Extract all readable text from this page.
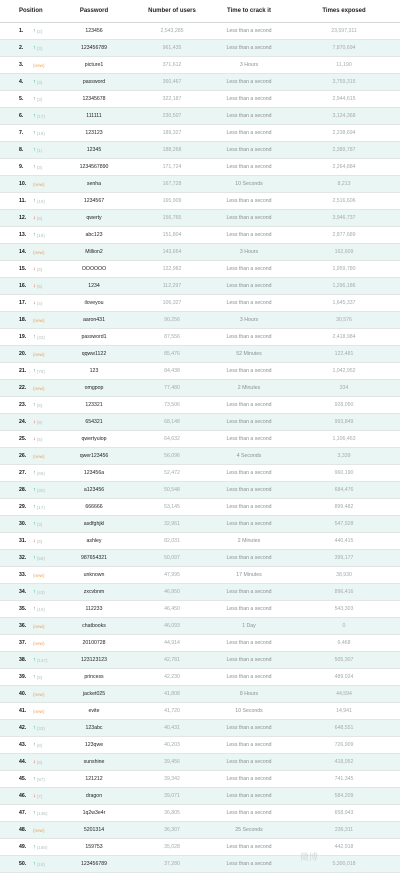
Position	Password	Number of users	Time to crack it	Times exposed
1.	↑ (2)	123456	2,543,285	Less than a second	23,597,311
2.	↑ (3)	123456789	961,435	Less than a second	7,870,694
3.	(new)	picture1	371,612	3 Hours	11,190
4.	↑ (3)	password	360,467	Less than a second	3,759,315
5.	↑ (3)	12345678	322,187	Less than a second	2,944,615
6.	↑ (17)	111111	230,507	Less than a second	3,124,368
7.	↑ (18)	123123	189,327	Less than a second	2,238,694
8.	↑ (1)	12345	188,268	Less than a second	2,389,787
9.	↑ (3)	1234567890	171,724	Less than a second	2,264,884
10.	(new)	senha	167,728	10 Seconds	8,213
11.	↑ (10)	1234567	165,909	Less than a second	2,516,606
12.	↓ (9)	qwerty	156,765	Less than a second	3,946,737
13.	↑ (18)	abc123	151,804	Less than a second	2,877,689
14.	(new)	Million2	143,664	3 Hours	162,609
15.	↓ (5)	OOOOOO	122,982	Less than a second	1,959,780
16.	↓ (5)	1234	112,297	Less than a second	1,296,186
17.	↓ (4)	iloveyou	106,327	Less than a second	1,645,337
18.	(new)	aaron431	90,256	3 Hours	30,576
19.	↑ (33)	password1	87,556	Less than a second	2,418,984
20.	(new)	qqww1122	85,476	52 Minutes	122,481
21.	↑ (78)	123	84,438	Less than a second	1,042,952
22.	(new)	omgpop	77,480	2 Minutes	334
23.	↑ (6)	123321	73,506	Less than a second	928,050
24.	↓ (8)	654321	68,148	Less than a second	993,849
25.	↓ (5)	qwertyuiop	64,632	Less than a second	1,106,463
26.	(new)	qwer123456	56,096	4 Seconds	3,339
27.	↑ (68)	123456a	52,472	Less than a second	960,190
28.	↑ (30)	a123456	50,548	Less than a second	684,476
29.	↑ (17)	666666	53,145	Less than a second	899,482
30.	↑ (3)	asdfghjkl	32,961	Less than a second	547,928
31.	↓ (5)	ashley	82,031	2 Minutes	440,415
32.	↑ (58)	987654321	50,097	Less than a second	399,177
33.	(new)	unknown	47,995	17 Minutes	38,930
34.	↑ (43)	zxcvbnm	46,950	Less than a second	896,416
35.	↑ (10)	112233	46,450	Less than a second	543,303
36.	(new)	chatbooks	46,093	1 Day	0
37.	(new)	20100728	44,914	Less than a second	6,468
38.	↑ (147)	123123123	42,781	Less than a second	505,307
39.	↑ (5)	princess	42,230	Less than a second	489,024
40.	(new)	jacket025	41,808	8 Hours	44,594
41.	(new)	evite	41,720	10 Seconds	14,941
42.	↑ (33)	123abc	40,431	Less than a second	648,551
43.	↑ (8)	123qwe	40,203	Less than a second	726,909
44.	↓ (8)	sunshine	39,456	Less than a second	418,052
45.	↑ (87)	121212	39,342	Less than a second	741,345
46.	↓ (7)	dragon	39,071	Less than a second	584,209
47.	↑ (136)	1q2w3e4r	36,805	Less than a second	658,943
48.	(new)	5201314	36,307	25 Seconds	236,311
49.	↑ (168)	159753	35,028	Less than a second	442,918
50.	↑ (18)	123456789	37,280	Less than a second	5,300,018
微博
